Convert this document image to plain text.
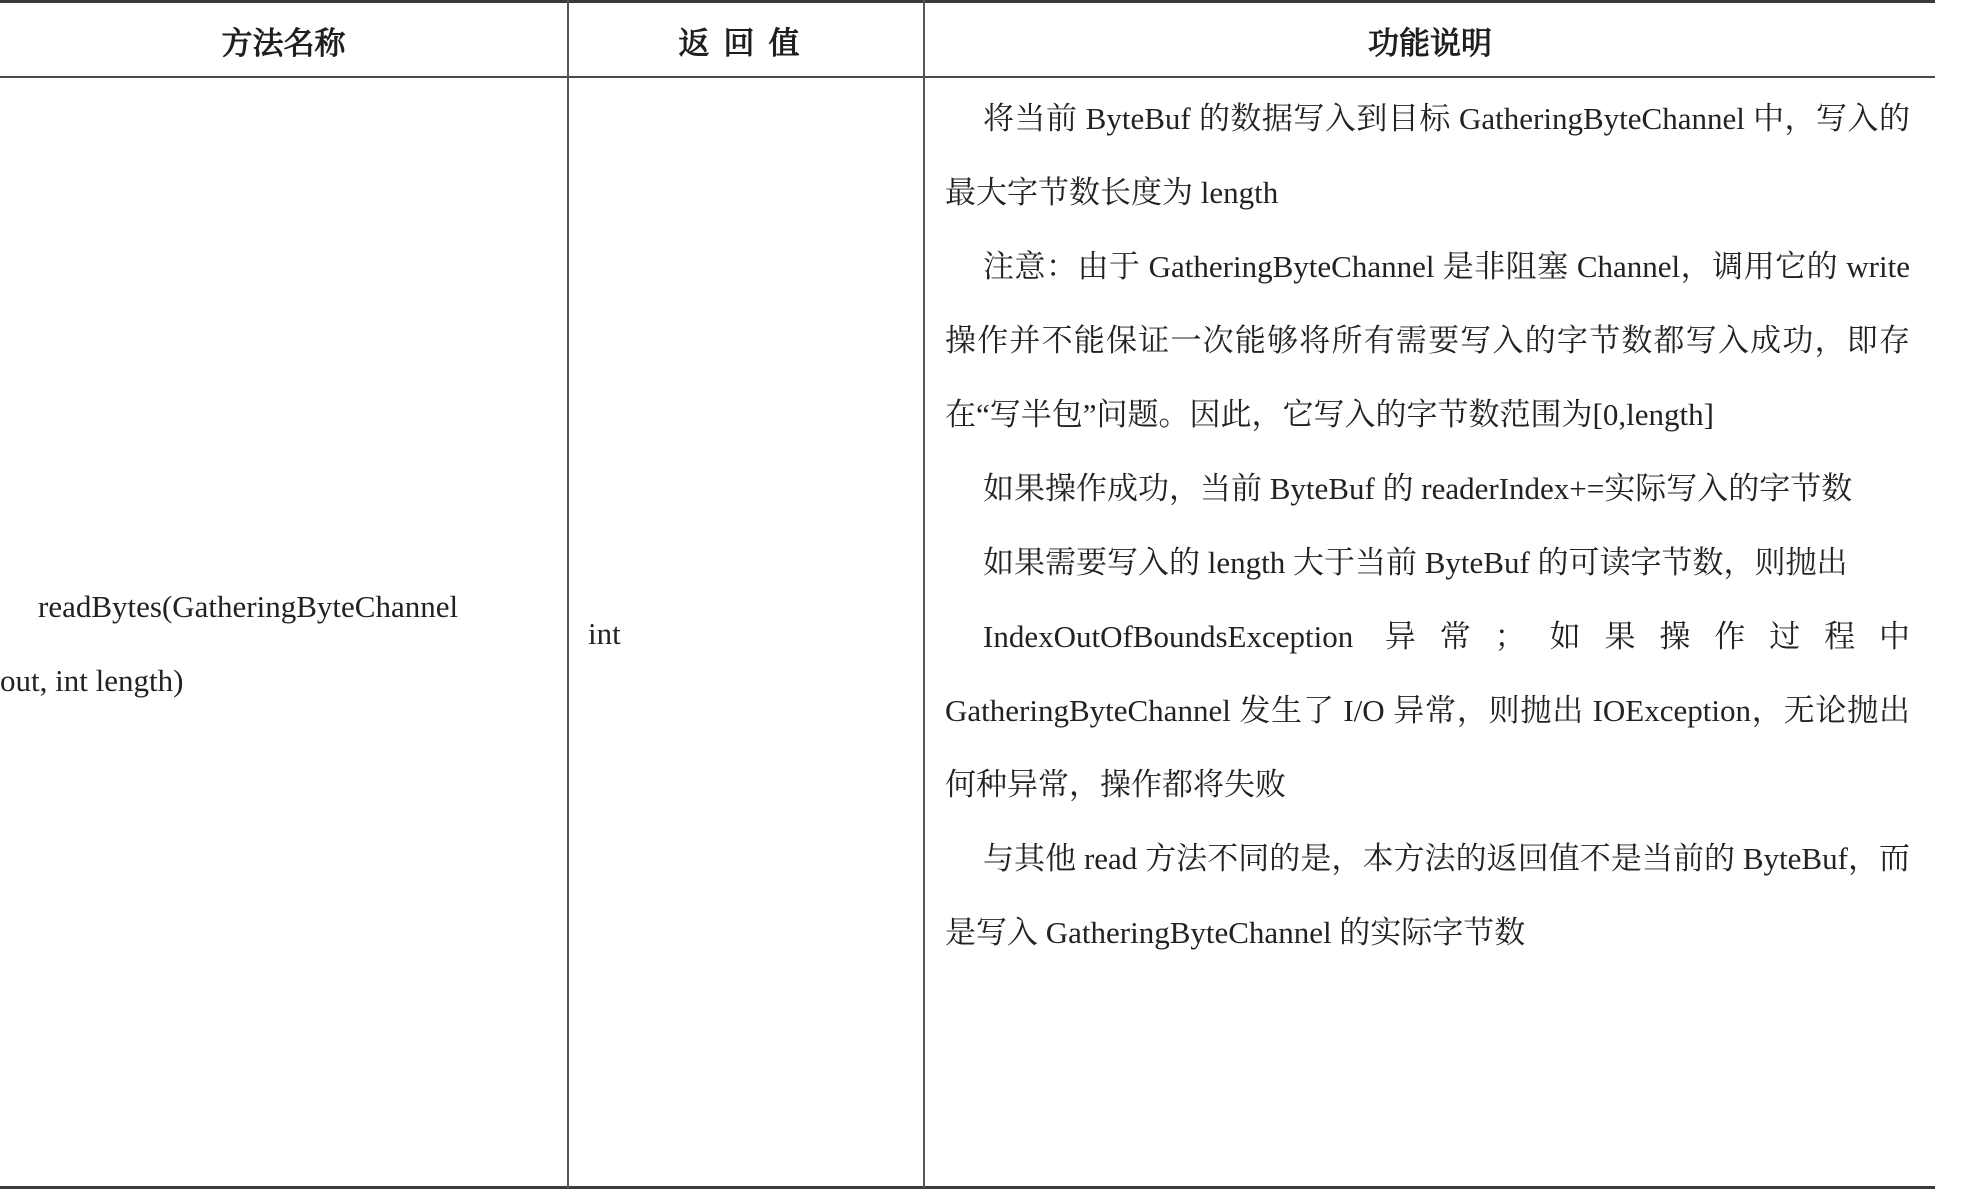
方法名称	返回值	功能说明
readBytes(GatheringByteChannel
out, int length)
int

将当前 ByteBuf 的数据写入到目标 GatheringByteChannel 中，写入的最大字节数长度为 length

注意：由于 GatheringByteChannel 是非阻塞 Channel，调用它的 write 操作并不能保证一次能够将所有需要写入的字节数都写入成功，即存在“写半包”问题。因此，它写入的字节数范围为[0,length]

如果操作成功，当前 ByteBuf 的 readerIndex+=实际写入的字节数

如果需要写入的 length 大于当前 ByteBuf 的可读字节数，则抛出

IndexOutOfBoundsException 异常；如果操作过程中 GatheringByteChannel 发生了 I/O 异常，则抛出 IOException，无论抛出何种异常，操作都将失败

与其他 read 方法不同的是，本方法的返回值不是当前的 ByteBuf，而是写入 GatheringByteChannel 的实际字节数
